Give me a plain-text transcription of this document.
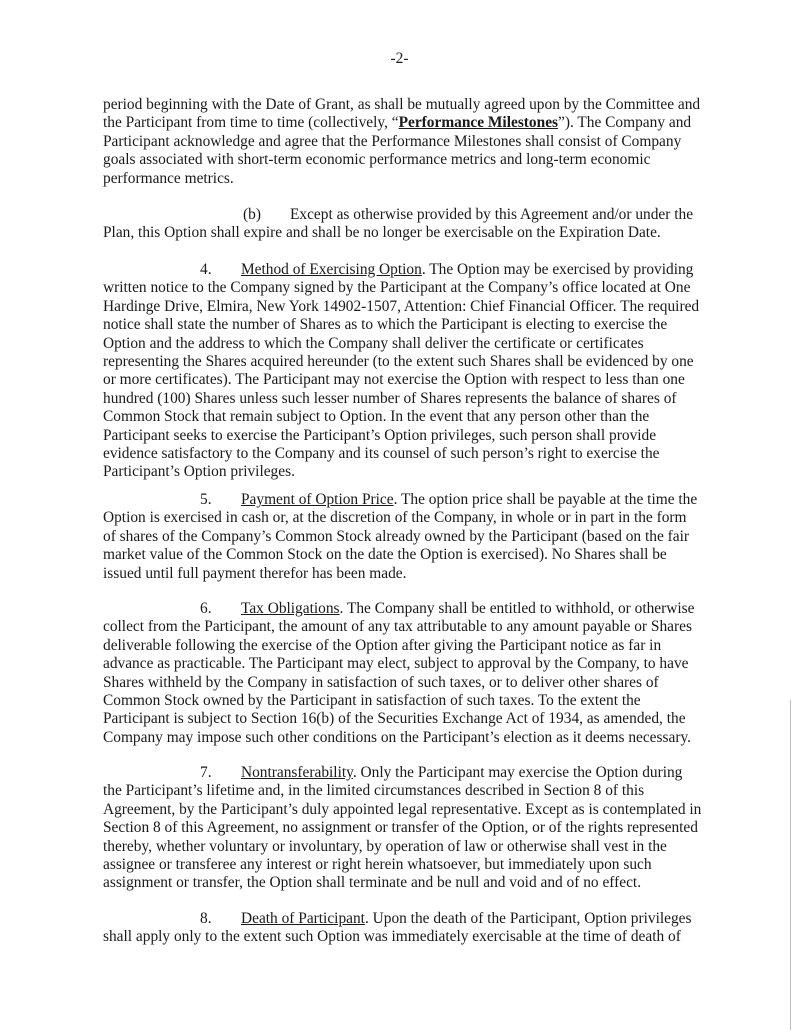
-2-

period beginning with the Date of Grant, as shall be mutually agreed upon by the Committee and the Participant from time to time (collectively, “Performance Milestones”). The Company and Participant acknowledge and agree that the Performance Milestones shall consist of Company goals associated with short-term economic performance metrics and long-term economic performance metrics.

(b) Except as otherwise provided by this Agreement and/or under the Plan, this Option shall expire and shall be no longer be exercisable on the Expiration Date.

4. Method of Exercising Option. The Option may be exercised by providing written notice to the Company signed by the Participant at the Company’s office located at One Hardinge Drive, Elmira, New York 14902-1507, Attention: Chief Financial Officer. The required notice shall state the number of Shares as to which the Participant is electing to exercise the Option and the address to which the Company shall deliver the certificate or certificates representing the Shares acquired hereunder (to the extent such Shares shall be evidenced by one or more certificates). The Participant may not exercise the Option with respect to less than one hundred (100) Shares unless such lesser number of Shares represents the balance of shares of Common Stock that remain subject to Option. In the event that any person other than the Participant seeks to exercise the Participant’s Option privileges, such person shall provide evidence satisfactory to the Company and its counsel of such person’s right to exercise the Participant’s Option privileges.

5. Payment of Option Price. The option price shall be payable at the time the Option is exercised in cash or, at the discretion of the Company, in whole or in part in the form of shares of the Company’s Common Stock already owned by the Participant (based on the fair market value of the Common Stock on the date the Option is exercised). No Shares shall be issued until full payment therefor has been made.

6. Tax Obligations. The Company shall be entitled to withhold, or otherwise collect from the Participant, the amount of any tax attributable to any amount payable or Shares deliverable following the exercise of the Option after giving the Participant notice as far in advance as practicable. The Participant may elect, subject to approval by the Company, to have Shares withheld by the Company in satisfaction of such taxes, or to deliver other shares of Common Stock owned by the Participant in satisfaction of such taxes. To the extent the Participant is subject to Section 16(b) of the Securities Exchange Act of 1934, as amended, the Company may impose such other conditions on the Participant’s election as it deems necessary.

7. Nontransferability. Only the Participant may exercise the Option during the Participant’s lifetime and, in the limited circumstances described in Section 8 of this Agreement, by the Participant’s duly appointed legal representative. Except as is contemplated in Section 8 of this Agreement, no assignment or transfer of the Option, or of the rights represented thereby, whether voluntary or involuntary, by operation of law or otherwise shall vest in the assignee or transferee any interest or right herein whatsoever, but immediately upon such assignment or transfer, the Option shall terminate and be null and void and of no effect.

8. Death of Participant. Upon the death of the Participant, Option privileges shall apply only to the extent such Option was immediately exercisable at the time of death of
